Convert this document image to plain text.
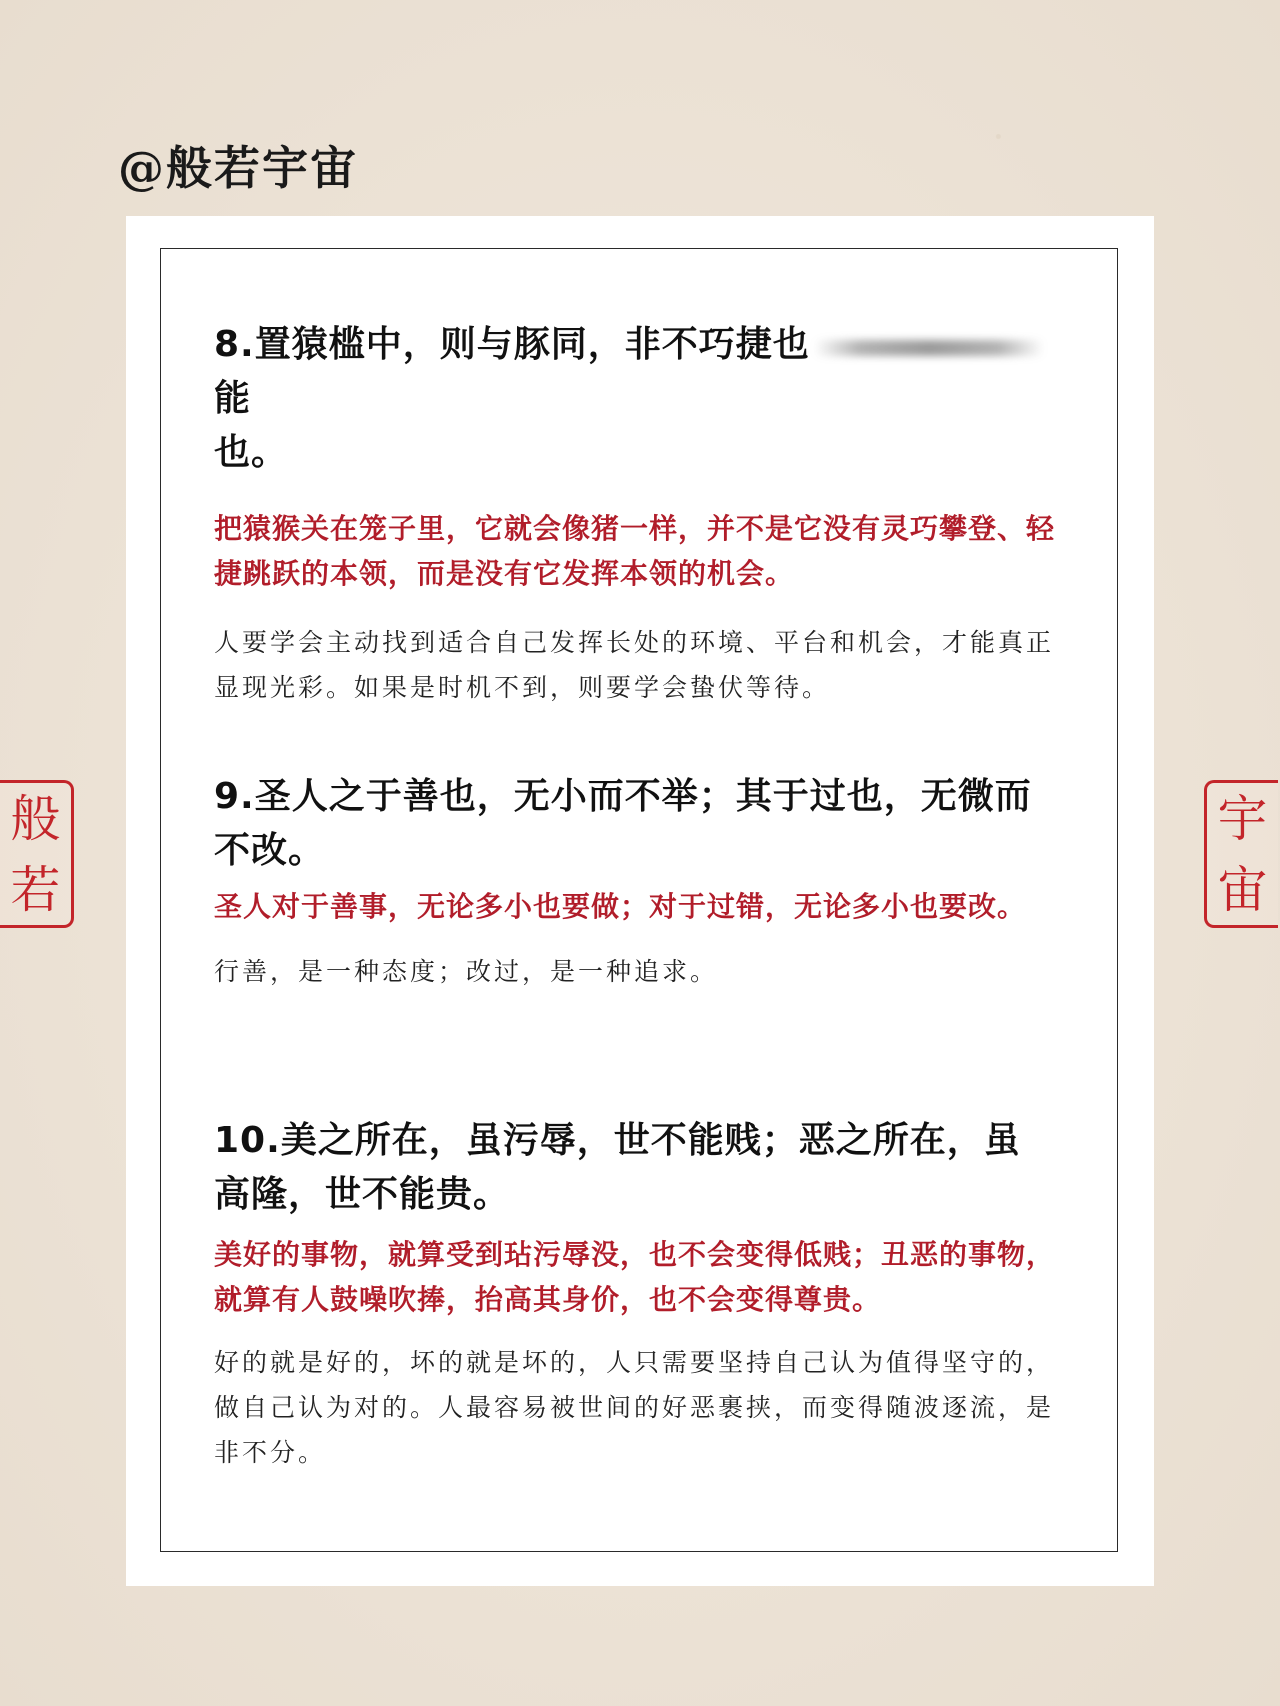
@般若宇宙

8.置猿槛中，则与豚同，非不巧捷也能
也。

把猿猴关在笼子里，它就会像猪一样，并不是它没有灵巧攀登、轻捷跳跃的本领，而是没有它发挥本领的机会。

人要学会主动找到适合自己发挥长处的环境、平台和机会，才能真正显现光彩。如果是时机不到，则要学会蛰伏等待。

9.圣人之于善也，无小而不举；其于过也，无微而不改。

圣人对于善事，无论多小也要做；对于过错，无论多小也要改。

行善，是一种态度；改过，是一种追求。

10.美之所在，虽污辱，世不能贱；恶之所在，虽高隆，世不能贵。

美好的事物，就算受到玷污辱没，也不会变得低贱；丑恶的事物，就算有人鼓噪吹捧，抬高其身价，也不会变得尊贵。

好的就是好的，坏的就是坏的，人只需要坚持自己认为值得坚守的，做自己认为对的。人最容易被世间的好恶裹挟，而变得随波逐流，是非不分。

般
若
宇
宙
